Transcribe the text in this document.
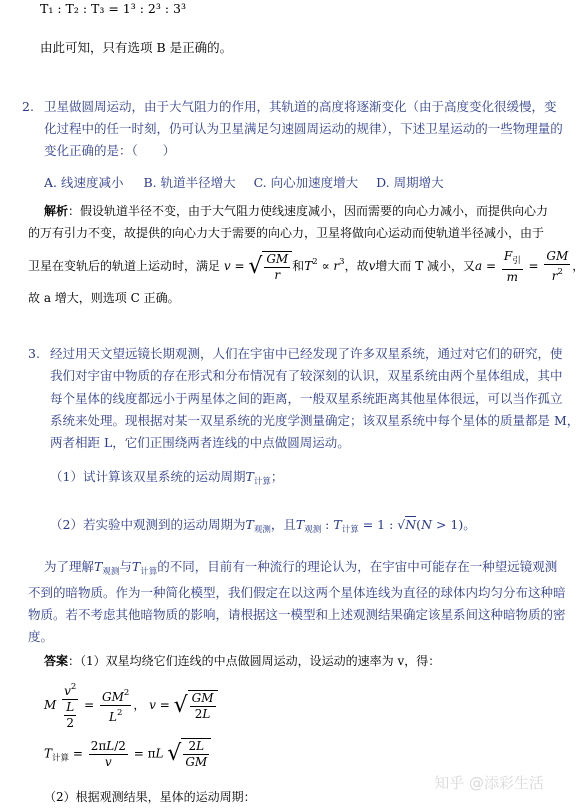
T₁ : T₂ : T₃ = 1³ : 2³ : 3³
由此可知，只有选项 B 是正确的。
2. 卫星做圆周运动，由于大气阻力的作用，其轨道的高度将逐渐变化（由于高度变化很缓慢，变
化过程中的任一时刻，仍可认为卫星满足匀速圆周运动的规律），下述卫星运动的一些物理量的
变化正确的是：（　　）
A. 线速度减小 B. 轨道半径增大 C. 向心加速度增大 D. 周期增大
解析：假设轨道半径不变，由于大气阻力使线速度减小，因而需要的向心力减小，而提供向心力
的万有引力不变，故提供的向心力大于需要的向心力，卫星将做向心运动而使轨道半径减小，由于
卫星在变轨后的轨道上运动时，满足 v = √ $\frac{GM}{r}$ 和$T^2 \propto r^3$，故v增大而 T 减小，又$a = \frac{F_引}{m} = \frac{GM}{r^2}$ ，
故 a 增大，则选项 C 正确。
3. 经过用天文望远镜长期观测，人们在宇宙中已经发现了许多双星系统，通过对它们的研究，使
我们对宇宙中物质的存在形式和分布情况有了较深刻的认识，双星系统由两个星体组成，其中
每个星体的线度都远小于两星体之间的距离，一般双星系统距离其他星体很远，可以当作孤立
系统来处理。现根据对某一双星系统的光度学测量确定；该双星系统中每个星体的质量都是 M，
两者相距 L，它们正围绕两者连线的中点做圆周运动。
（1）试计算该双星系统的运动周期$T_{计算}$；
（2）若实验中观测到的运动周期为$T_{观测}$，且$T_{观测}$ : $T_{计算} = 1$ : √N(N > 1)。
为了理解$T_{观测}$与$T_{计算}$的不同，目前有一种流行的理论认为，在宇宙中可能存在一种望远镜观测
不到的暗物质。作为一种简化模型，我们假定在以这两个星体连线为直径的球体内均匀分布这种暗
物质。若不考虑其他暗物质的影响，请根据这一模型和上述观测结果确定该星系间这种暗物质的密
度。
答案：（1）双星均绕它们连线的中点做圆周运动，设运动的速率为 v，得：
M $\frac{v^2}{\frac{L}{2}} = \frac{GM^2}{L^2}$ ， v = √ $\frac{GM}{2L}$
$T_{计算} = \frac{2\pi L/2}{v} = \pi L$ √ $\frac{2L}{GM}$
（2）根据观测结果，星体的运动周期：
知乎 @添彩生活
